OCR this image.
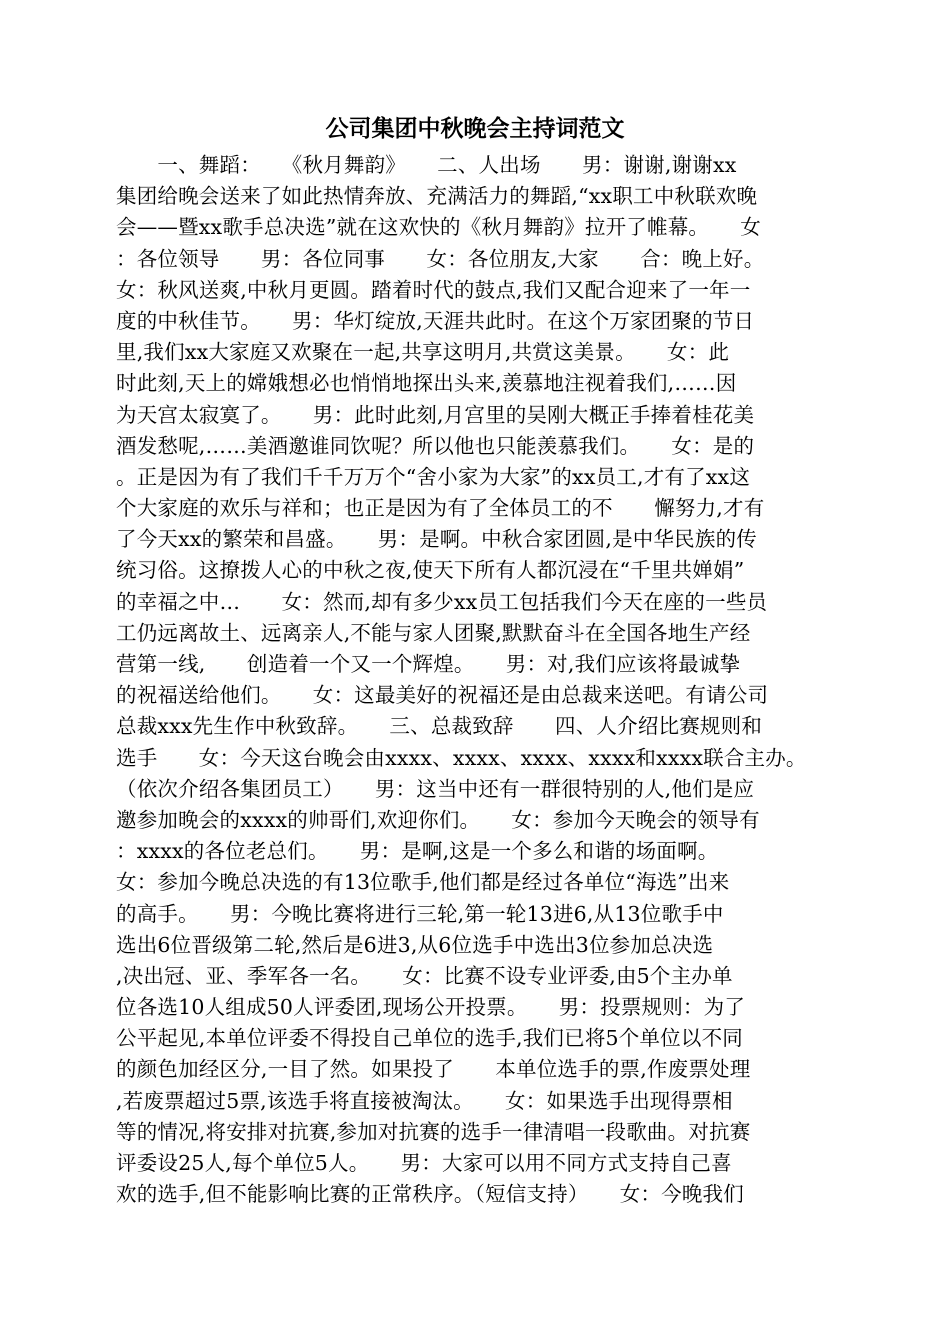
公司集团中秋晚会主持词范文
　　一、舞蹈：　　《秋月舞韵》　　二、人出场　　男：谢谢,谢谢xx
集团给晚会送来了如此热情奔放、充满活力的舞蹈,“xx职工中秋联欢晚
会——暨xx歌手总决选”就在这欢快的《秋月舞韵》拉开了帷幕。　　女
：各位领导　　男：各位同事　　女：各位朋友,大家　　合：晚上好。
女：秋风送爽,中秋月更圆。踏着时代的鼓点,我们又配合迎来了一年一
度的中秋佳节。　　男：华灯绽放,天涯共此时。在这个万家团聚的节日
里,我们xx大家庭又欢聚在一起,共享这明月,共赏这美景。　　女：此
时此刻,天上的嫦娥想必也悄悄地探出头来,羡慕地注视着我们,……因
为天宫太寂寞了。　　男：此时此刻,月宫里的吴刚大概正手捧着桂花美
酒发愁呢,……美酒邀谁同饮呢？所以他也只能羡慕我们。　　女：是的
。正是因为有了我们千千万万个“舍小家为大家”的xx员工,才有了xx这
个大家庭的欢乐与祥和；也正是因为有了全体员工的不　　懈努力,才有
了今天xx的繁荣和昌盛。　　男：是啊。中秋合家团圆,是中华民族的传
统习俗。这撩拨人心的中秋之夜,使天下所有人都沉浸在“千里共婵娟”
的幸福之中…　　女：然而,却有多少xx员工包括我们今天在座的一些员
工仍远离故土、远离亲人,不能与家人团聚,默默奋斗在全国各地生产经
营第一线,　　创造着一个又一个辉煌。　　男：对,我们应该将最诚挚
的祝福送给他们。　　女：这最美好的祝福还是由总裁来送吧。有请公司
总裁xxx先生作中秋致辞。　　三、总裁致辞　　四、人介绍比赛规则和
选手　　女：今天这台晚会由xxxx、xxxx、xxxx、xxxx和xxxx联合主办。
（依次介绍各集团员工）　　男：这当中还有一群很特别的人,他们是应
邀参加晚会的xxxx的帅哥们,欢迎你们。　　女：参加今天晚会的领导有
：xxxx的各位老总们。　　男：是啊,这是一个多么和谐的场面啊。
女：参加今晚总决选的有13位歌手,他们都是经过各单位“海选”出来
的高手。　　男：今晚比赛将进行三轮,第一轮13进6,从13位歌手中
选出6位晋级第二轮,然后是6进3,从6位选手中选出3位参加总决选
,决出冠、亚、季军各一名。　　女：比赛不设专业评委,由5个主办单
位各选10人组成50人评委团,现场公开投票。　　男：投票规则：为了
公平起见,本单位评委不得投自己单位的选手,我们已将5个单位以不同
的颜色加经区分,一目了然。如果投了　　本单位选手的票,作废票处理
,若废票超过5票,该选手将直接被淘汰。　　女：如果选手出现得票相
等的情况,将安排对抗赛,参加对抗赛的选手一律清唱一段歌曲。对抗赛
评委设25人,每个单位5人。　　男：大家可以用不同方式支持自己喜
欢的选手,但不能影响比赛的正常秩序。（短信支持）　　女：今晚我们
